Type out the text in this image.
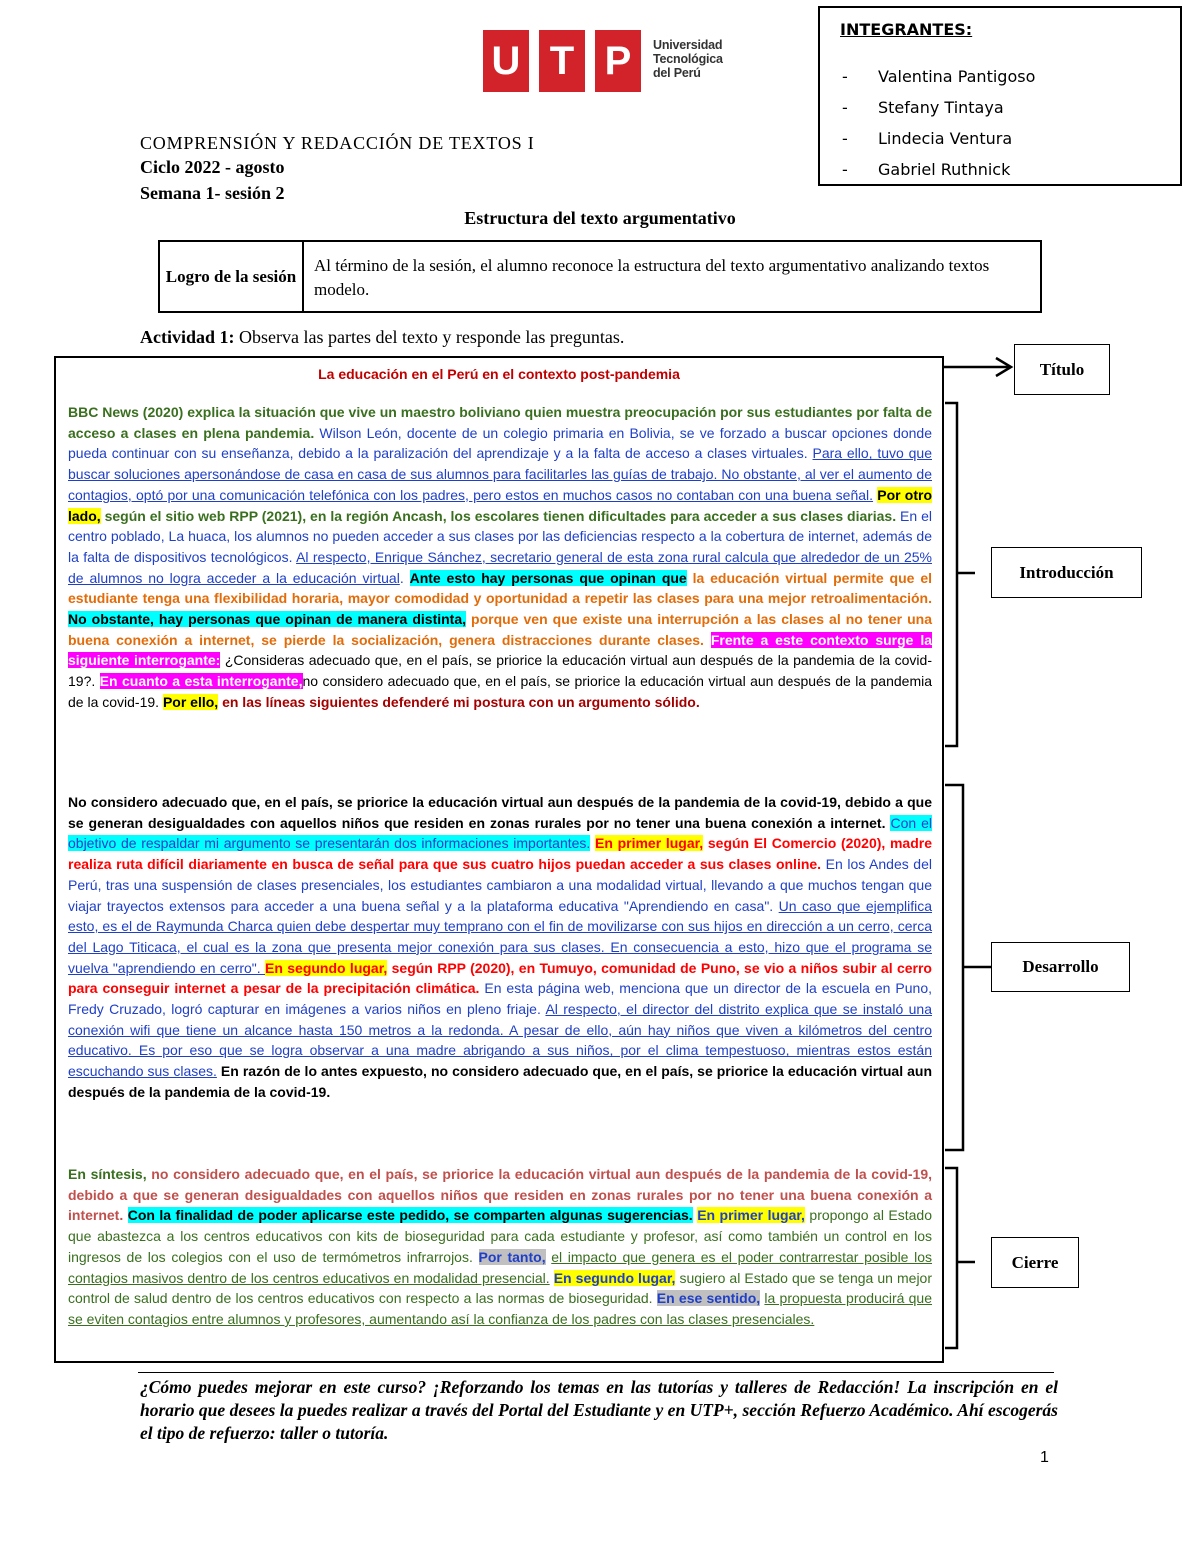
U T P	Universidad
Tecnológica
del Perú
INTEGRANTES:
- Valentina Pantigoso
- Stefany Tintaya
- Lindecia Ventura
- Gabriel Ruthnick
COMPRENSIÓN Y REDACCIÓN DE TEXTOS I
Ciclo 2022 - agosto
Semana 1- sesión 2
Estructura del texto argumentativo
Logro de la sesión
Al término de la sesión, el alumno reconoce la estructura del texto argumentativo analizando textos modelo.
Actividad 1: Observa las partes del texto y responde las preguntas.
La educación en el Perú en el contexto post-pandemia
BBC News (2020) explica la situación que vive un maestro boliviano quien muestra preocupación por sus estudiantes por falta de acceso a clases en plena pandemia. Wilson León, docente de un colegio primaria en Bolivia, se ve forzado a buscar opciones donde pueda continuar con su enseñanza, debido a la paralización del aprendizaje y a la falta de acceso a clases virtuales. Para ello, tuvo que buscar soluciones apersonándose de casa en casa de sus alumnos para facilitarles las guías de trabajo. No obstante, al ver el aumento de contagios, optó por una comunicación telefónica con los padres, pero estos en muchos casos no contaban con una buena señal. Por otro lado, según el sitio web RPP (2021), en la región Ancash, los escolares tienen dificultades para acceder a sus clases diarias. En el centro poblado, La huaca, los alumnos no pueden acceder a sus clases por las deficiencias respecto a la cobertura de internet, además de la falta de dispositivos tecnológicos. Al respecto, Enrique Sánchez, secretario general de esta zona rural calcula que alrededor de un 25% de alumnos no logra acceder a la educación virtual. Ante esto hay personas que opinan que la educación virtual permite que el estudiante tenga una flexibilidad horaria, mayor comodidad y oportunidad a repetir las clases para una mejor retroalimentación. No obstante, hay personas que opinan de manera distinta, porque ven que existe una interrupción a las clases al no tener una buena conexión a internet, se pierde la socialización, genera distracciones durante clases. Frente a este contexto surge la siguiente interrogante: ¿Consideras adecuado que, en el país, se priorice la educación virtual aun después de la pandemia de la covid-19?. En cuanto a esta interrogante,no considero adecuado que, en el país, se priorice la educación virtual aun después de la pandemia de la covid-19. Por ello, en las líneas siguientes defenderé mi postura con un argumento sólido.
No considero adecuado que, en el país, se priorice la educación virtual aun después de la pandemia de la covid-19, debido a que se generan desigualdades con aquellos niños que residen en zonas rurales por no tener una buena conexión a internet. Con el objetivo de respaldar mi argumento se presentarán dos informaciones importantes. En primer lugar, según El Comercio (2020), madre realiza ruta difícil diariamente en busca de señal para que sus cuatro hijos puedan acceder a sus clases online. En los Andes del Perú, tras una suspensión de clases presenciales, los estudiantes cambiaron a una modalidad virtual, llevando a que muchos tengan que viajar trayectos extensos para acceder a una buena señal y a la plataforma educativa "Aprendiendo en casa". Un caso que ejemplifica esto, es el de Raymunda Charca quien debe despertar muy temprano con el fin de movilizarse con sus hijos en dirección a un cerro, cerca del Lago Titicaca, el cual es la zona que presenta mejor conexión para sus clases. En consecuencia a esto, hizo que el programa se vuelva "aprendiendo en cerro". En segundo lugar, según RPP (2020), en Tumuyo, comunidad de Puno, se vio a niños subir al cerro para conseguir internet a pesar de la precipitación climática. En esta página web, menciona que un director de la escuela en Puno, Fredy Cruzado, logró capturar en imágenes a varios niños en pleno friaje. Al respecto, el director del distrito explica que se instaló una conexión wifi que tiene un alcance hasta 150 metros a la redonda. A pesar de ello, aún hay niños que viven a kilómetros del centro educativo. Es por eso que se logra observar a una madre abrigando a sus niños, por el clima tempestuoso, mientras estos están escuchando sus clases. En razón de lo antes expuesto, no considero adecuado que, en el país, se priorice la educación virtual aun después de la pandemia de la covid-19.
En síntesis, no considero adecuado que, en el país, se priorice la educación virtual aun después de la pandemia de la covid-19, debido a que se generan desigualdades con aquellos niños que residen en zonas rurales por no tener una buena conexión a internet. Con la finalidad de poder aplicarse este pedido, se comparten algunas sugerencias. En primer lugar, propongo al Estado que abastezca a los centros educativos con kits de bioseguridad para cada estudiante y profesor, así como también un control en los ingresos de los colegios con el uso de termómetros infrarrojos. Por tanto, el impacto que genera es el poder contrarrestar posible los contagios masivos dentro de los centros educativos en modalidad presencial. En segundo lugar, sugiero al Estado que se tenga un mejor control de salud dentro de los centros educativos con respecto a las normas de bioseguridad. En ese sentido, la propuesta producirá que se eviten contagios entre alumnos y profesores, aumentando así la confianza de los padres con las clases presenciales.
Título
Introducción
Desarrollo
Cierre
¿Cómo puedes mejorar en este curso? ¡Reforzando los temas en las tutorías y talleres de Redacción! La inscripción en el horario que desees la puedes realizar a través del Portal del Estudiante y en UTP+, sección Refuerzo Académico. Ahí escogerás el tipo de refuerzo: taller o tutoría.
1
